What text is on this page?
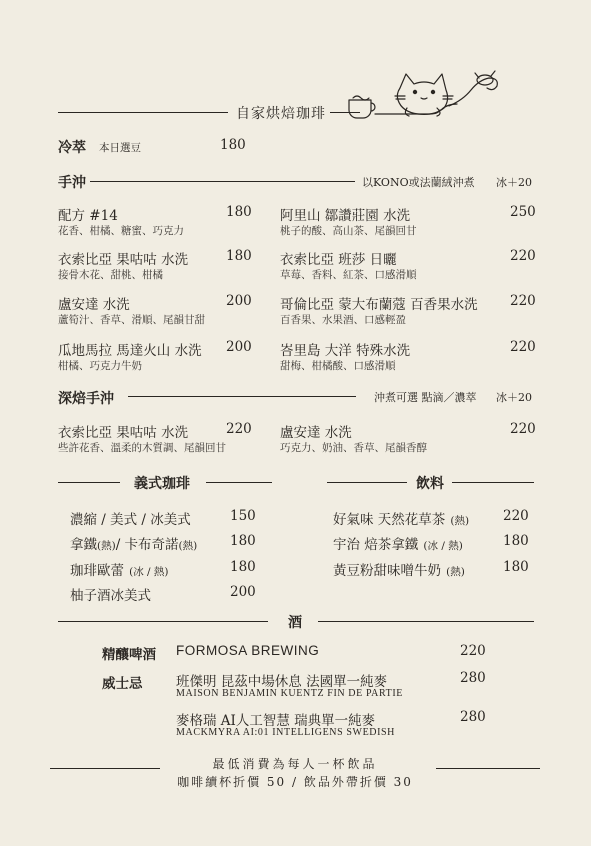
自家烘焙珈琲
冷萃 本日選豆	180
手沖	以KONO或法蘭絨沖煮 冰＋20
配方 #14	180
花香、柑橘、糖蜜、巧克力
衣索比亞 果咕咕 水洗	180
接骨木花、甜桃、柑橘
盧安達 水洗	200
蘆筍汁、香草、滑順、尾韻甘甜
瓜地馬拉 馬達火山 水洗 200
柑橘、巧克力牛奶
阿里山 鄒讚莊園 水洗	250
桃子的酸、高山茶、尾韻回甘
衣索比亞 班莎 日曬	220
草莓、香料、紅茶、口感滑順
哥倫比亞 蒙大布蘭蔻 百香果水洗 220
百香果、水果酒、口感輕盈
峇里島 大洋 特殊水洗	220
甜梅、柑橘酸、口感滑順
深焙手沖	沖煮可選 點滴／濃萃 冰＋20
衣索比亞 果咕咕 水洗	220
些許花香、溫柔的木質調、尾韻回甘
盧安達 水洗	220
巧克力、奶油、香草、尾韻香醇
義式珈琲
濃縮 / 美式 / 冰美式	150
拿鐵(熱)/ 卡布奇諾(熱) 180
珈琲歐蕾 (冰 / 熱)	180
柚子酒冰美式	200
飲料
好氣味 天然花草茶 (熱)	220
宇治 焙茶拿鐵 (冰 / 熱)	180
黃豆粉甜味噌牛奶 (熱)	180
酒
精釀啤酒 FORMOSA BREWING	220
威士忌 班傑明 昆茲中場休息 法國單一純麥
MAISON BENJAMIN KUENTZ FIN DE PARTIE
280
麥格瑞 AI人工智慧 瑞典單一純麥
MACKMYRA AI:01 INTELLIGENS SWEDISH
280
最低消費為每人一杯飲品
咖啡續杯折價 50 / 飲品外帶折價 30
